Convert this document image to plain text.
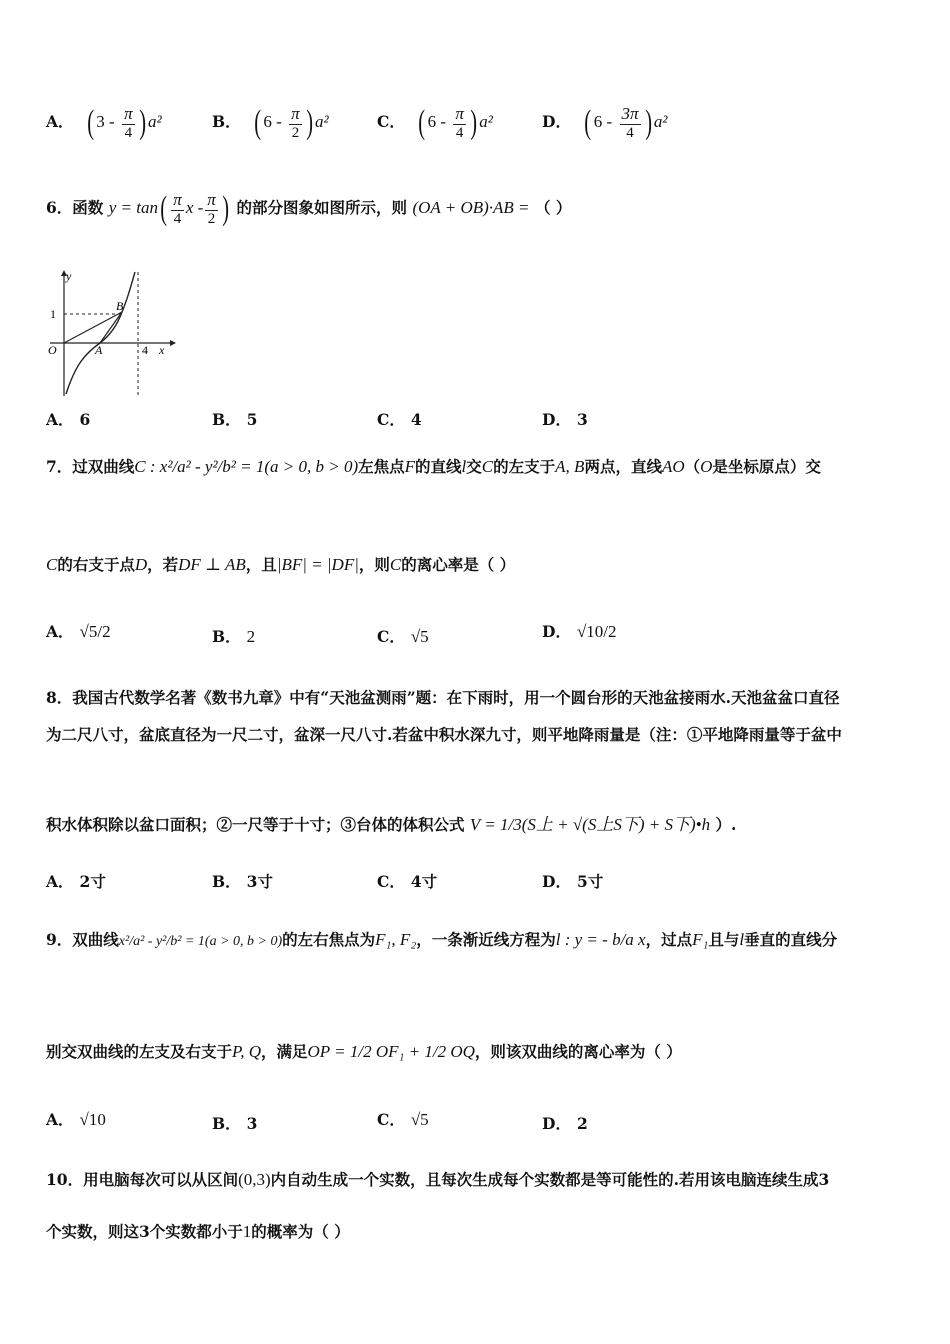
A． ( $3 - \frac{\pi}{4}$ ) a²	B． ( $6 - \frac{\pi}{2}$ ) a²	C． ( $6 - \frac{\pi}{4}$ ) a²	D． ( $6 - \frac{3\pi}{4}$ ) a²
6．函数 $y = \tan( \frac{\pi}{4}$ x - $\frac{\pi}{2}$ ) 的部分图象如图所示，则 (OA + OB)·AB = （ ）
y
x
O
1
4
A
B
A． 6	B． 5	C． 4	D． 3
7．过双曲线C : x²/a² - y²/b² = 1(a > 0, b > 0)左焦点F的直线l交C的左支于A, B两点，直线AO（O是坐标原点）交
C的右支于点D，若DF ⊥ AB，且|BF| = |DF|，则C的离心率是（ ）
A． √5/2	B． 2	C． √5	D． √10/2
8．我国古代数学名著《数书九章》中有“天池盆测雨”题：在下雨时，用一个圆台形的天池盆接雨水.天池盆盆口直径
为二尺八寸，盆底直径为一尺二寸，盆深一尺八寸.若盆中积水深九寸，则平地降雨量是（注：①平地降雨量等于盆中
积水体积除以盆口面积；②一尺等于十寸；③台体的体积公式 V = 1/3(S上 + √(S上S下) + S下)•h ）.
A． 2寸	B． 3寸	C． 4寸	D． 5寸
9．双曲线x²/a² - y²/b² = 1(a > 0, b > 0)的左右焦点为F₁, F₂，一条渐近线方程为l : y = - b/a x，过点F₁且与l垂直的直线分
别交双曲线的左支及右支于P, Q，满足OP = 1/2 OF₁ + 1/2 OQ，则该双曲线的离心率为（ ）
A． √10	B． 3	C． √5	D． 2
10．用电脑每次可以从区间(0,3)内自动生成一个实数，且每次生成每个实数都是等可能性的.若用该电脑连续生成3
个实数，则这3个实数都小于1的概率为（ ）
